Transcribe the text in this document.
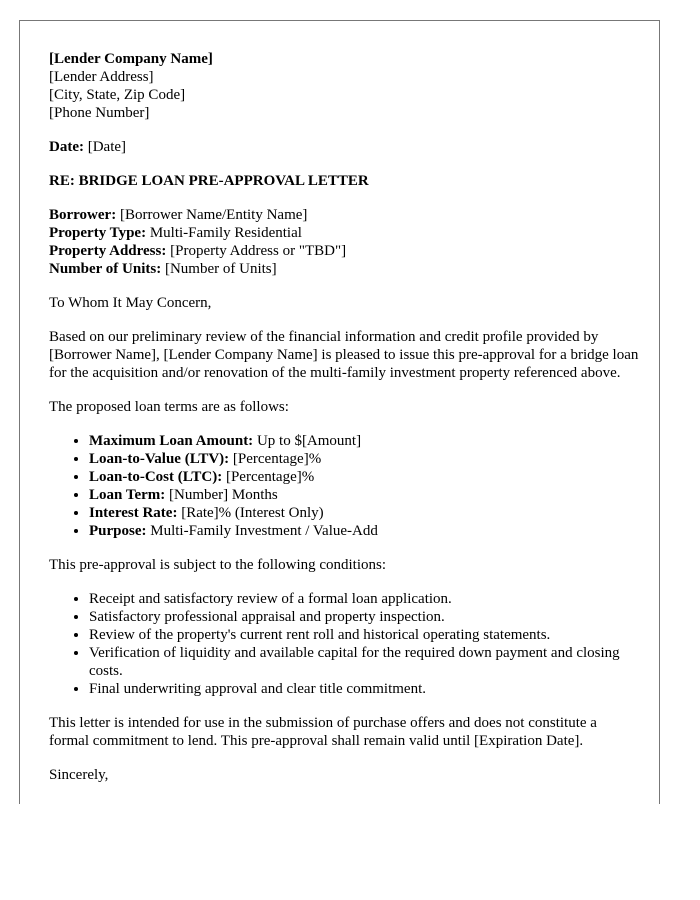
[Lender Company Name]
[Lender Address]
[City, State, Zip Code]
[Phone Number]
Date: [Date]
RE: BRIDGE LOAN PRE-APPROVAL LETTER
Borrower: [Borrower Name/Entity Name]
Property Type: Multi-Family Residential
Property Address: [Property Address or "TBD"]
Number of Units: [Number of Units]

To Whom It May Concern,

Based on our preliminary review of the financial information and credit profile provided by [Borrower Name], [Lender Company Name] is pleased to issue this pre-approval for a bridge loan for the acquisition and/or renovation of the multi-family investment property referenced above.

The proposed loan terms are as follows:

• Maximum Loan Amount: Up to $[Amount]
• Loan-to-Value (LTV): [Percentage]%
• Loan-to-Cost (LTC): [Percentage]%
• Loan Term: [Number] Months
• Interest Rate: [Rate]% (Interest Only)
• Purpose: Multi-Family Investment / Value-Add

This pre-approval is subject to the following conditions:

• Receipt and satisfactory review of a formal loan application.
• Satisfactory professional appraisal and property inspection.
• Review of the property's current rent roll and historical operating statements.
• Verification of liquidity and available capital for the required down payment and closing costs.
• Final underwriting approval and clear title commitment.

This letter is intended for use in the submission of purchase offers and does not constitute a formal commitment to lend. This pre-approval shall remain valid until [Expiration Date].

Sincerely,
